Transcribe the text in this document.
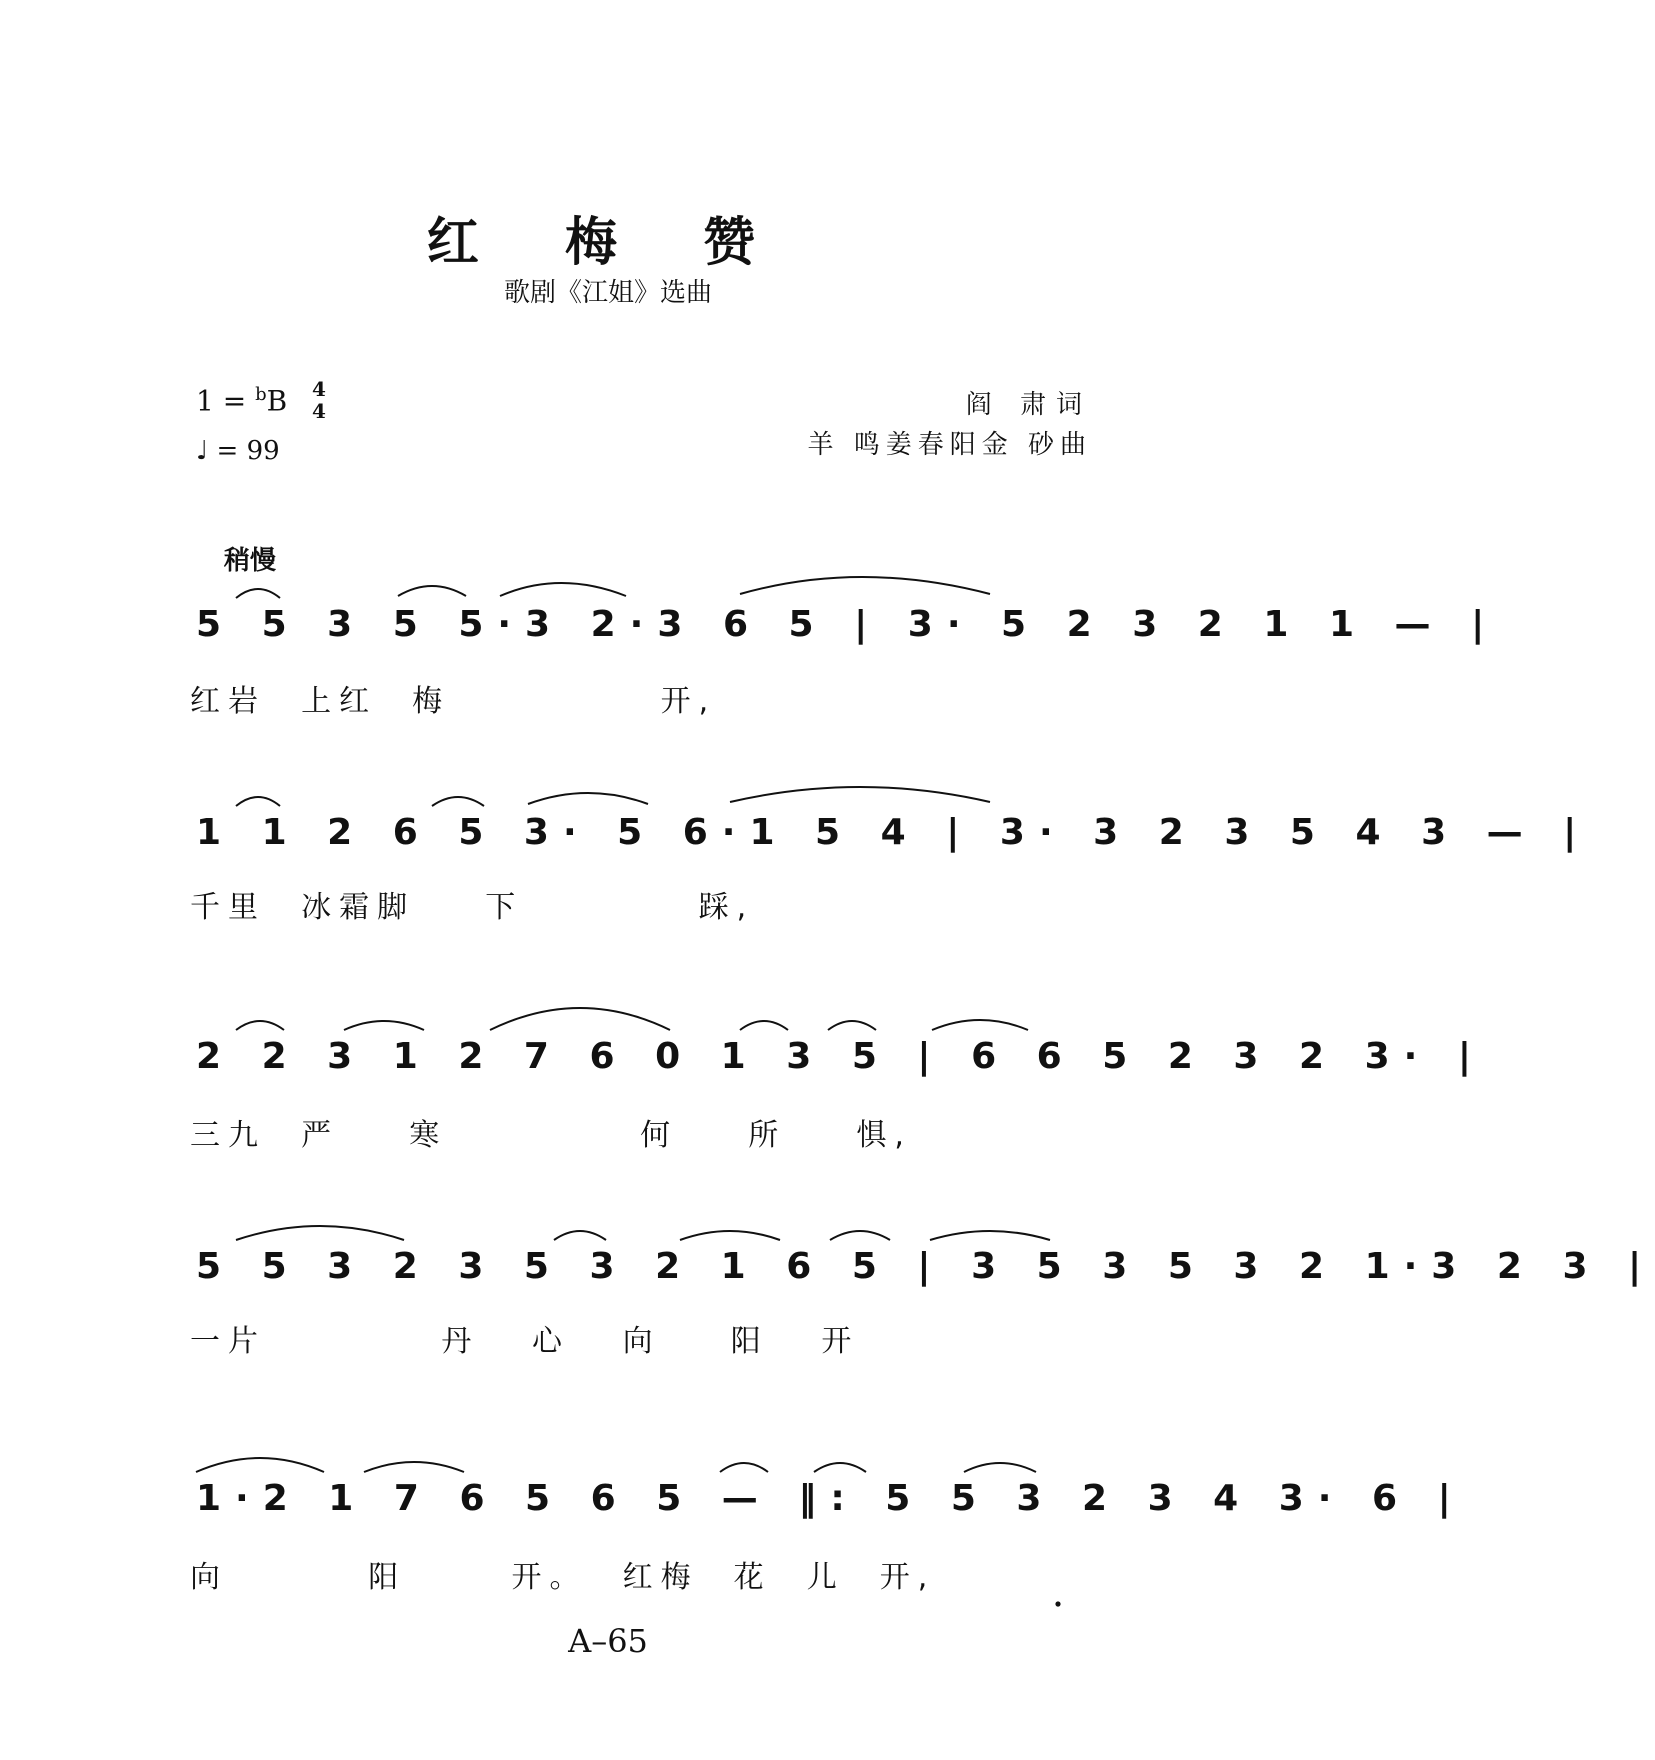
红 梅 赞
歌剧《江姐》选曲
1 = $^b$B 4
4
♩ = 99
阎 肃词
羊 鸣姜春阳金 砂曲
稍慢
5 5 3 5 5·3 2·3 6 5 | 3· 5 2 3 2 1 1 — |
红岩  上红  梅            开,
1 1 2 6 5 3· 5 6·1 5 4 | 3· 3 2 3 5 4 3 — |
千里  冰霜脚    下          踩,
2 2 3 1 2 7 6 0 1 3 5 | 6 6 5 2 3 2 3· |
三九  严    寒           何    所    惧,
5 5 3 2 3 5 3 2 1 6 5 | 3 5 3 5 3 2 1·3 2 3 |
一片          丹   心   向    阳   开
1·2 1 7 6 5 6 5 — ‖: 5 5 3 2 3 4 3· 6 |
向        阳      开。  红梅  花  儿  开,
A–65
